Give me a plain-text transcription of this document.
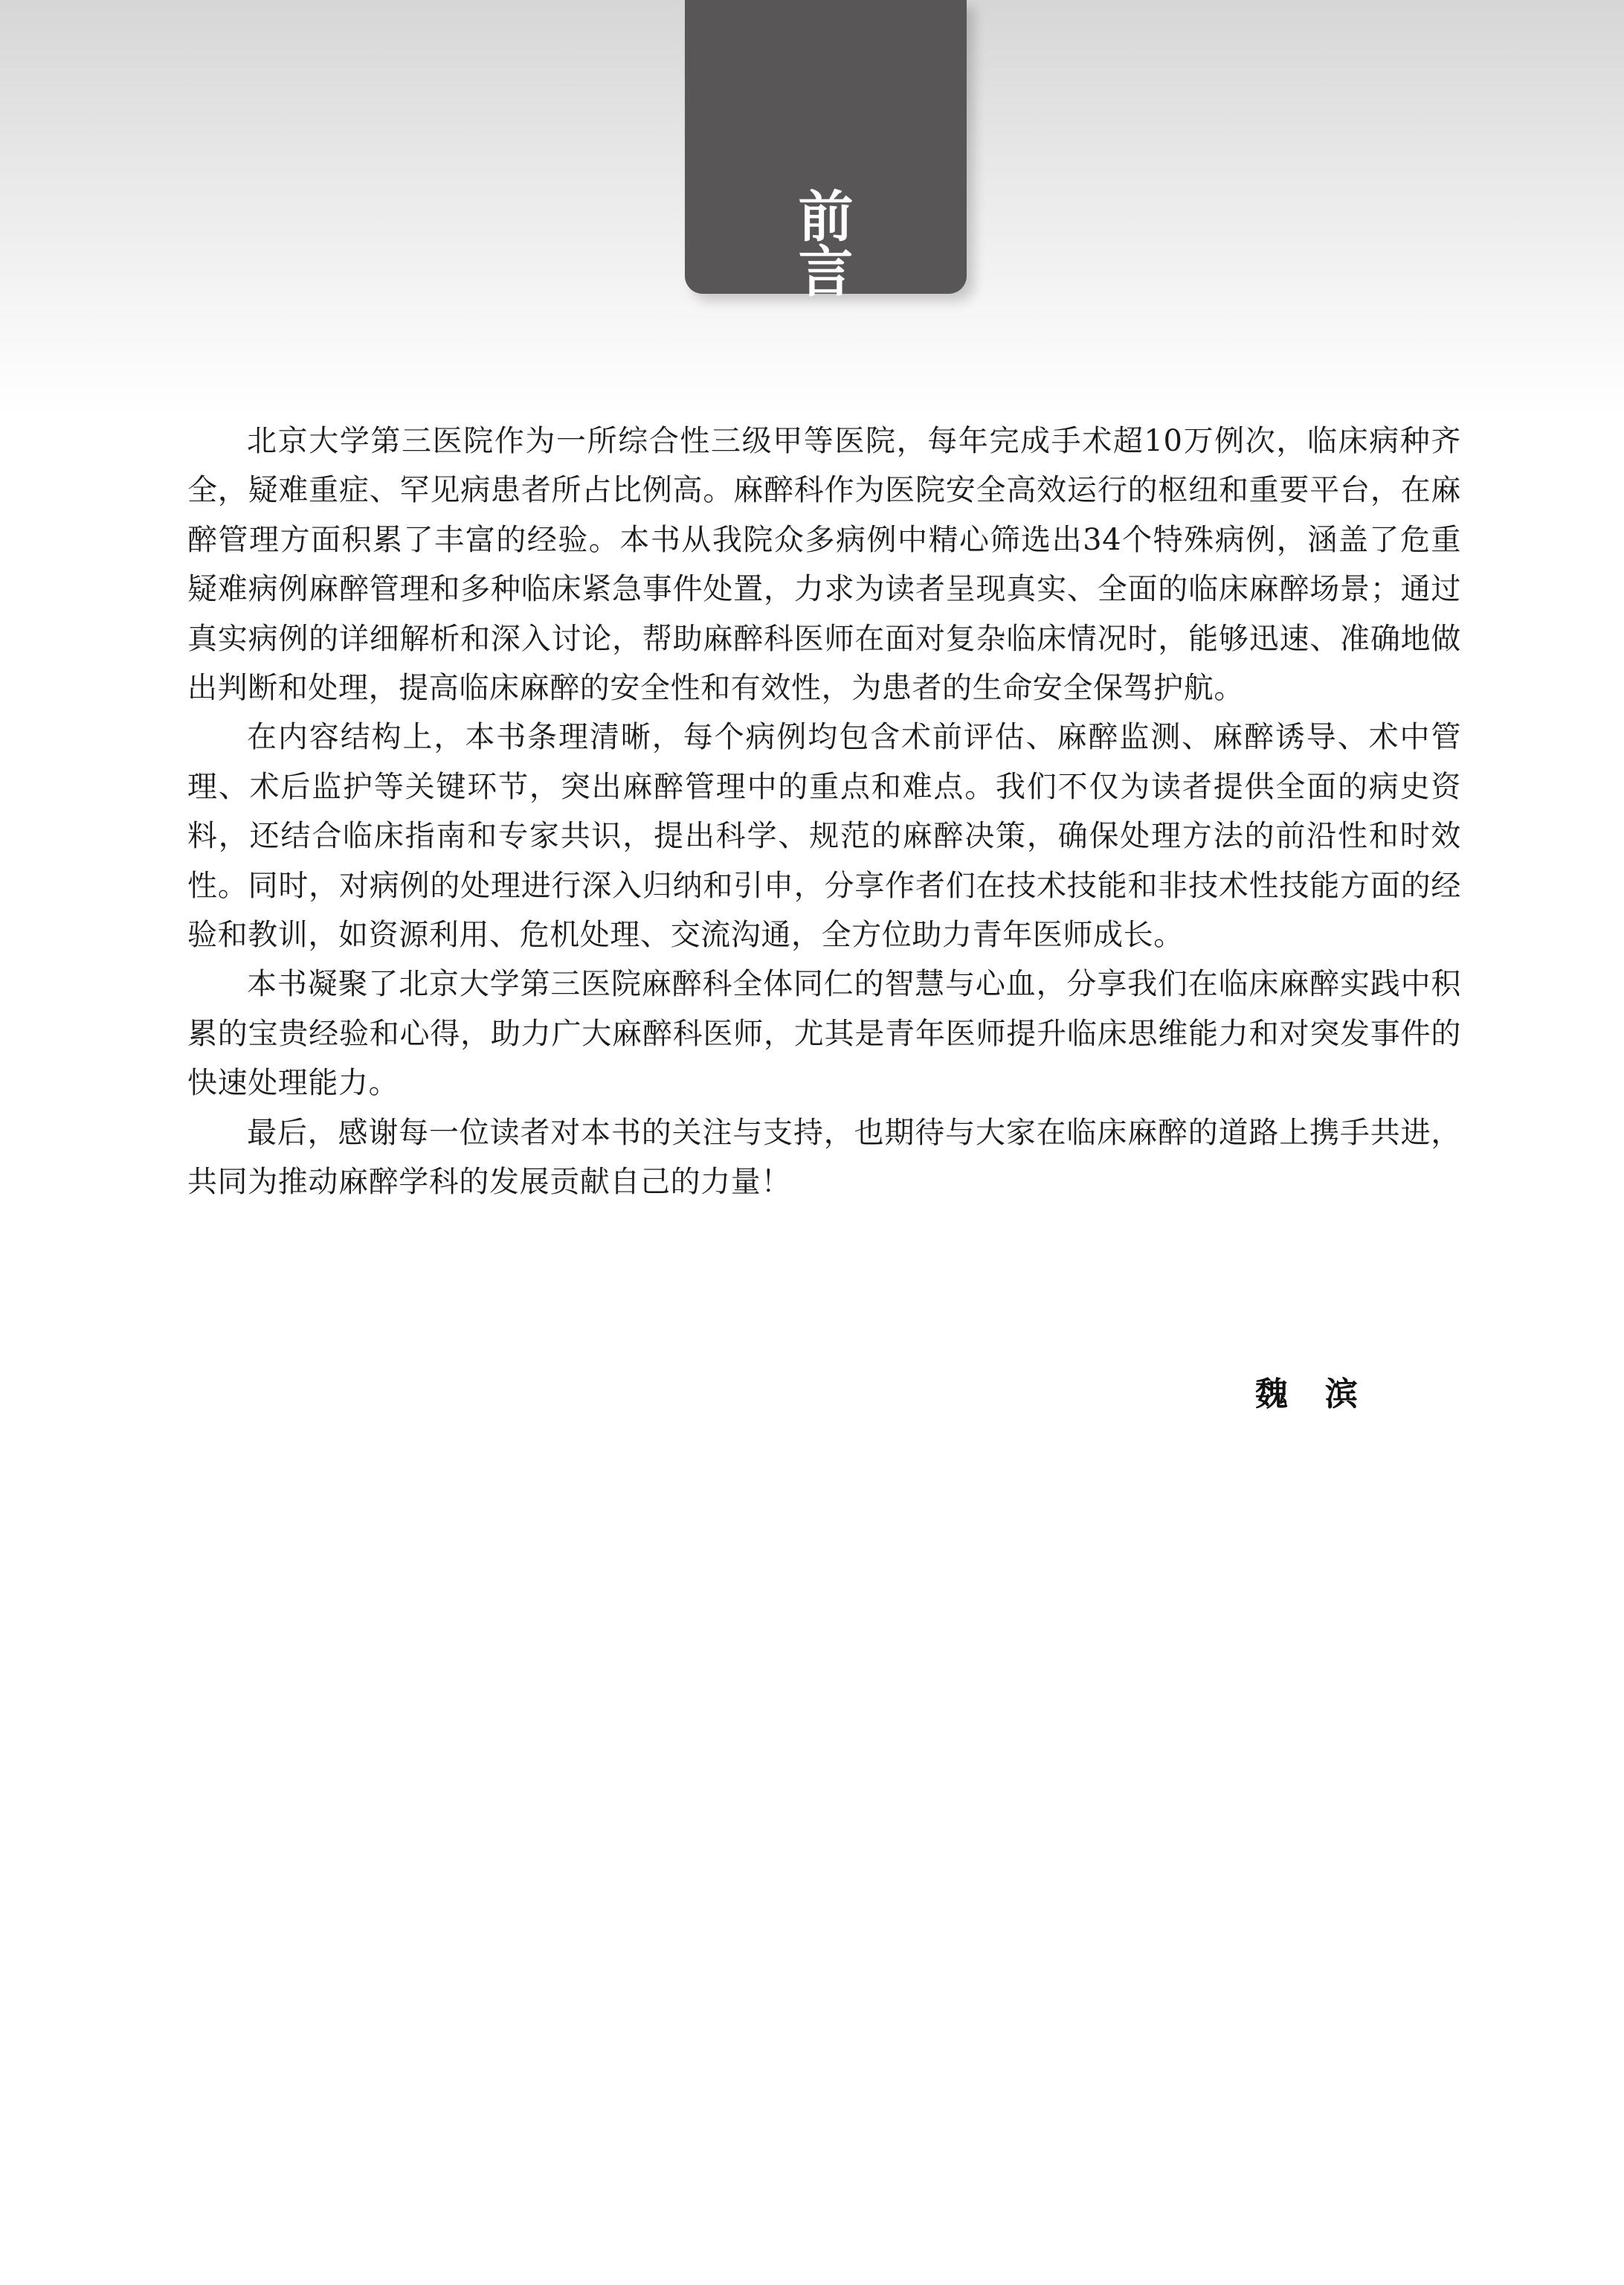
前言

北京大学第三医院作为一所综合性三级甲等医院，每年完成手术超10万例次，临床病种齐全，疑难重症、罕见病患者所占比例高。麻醉科作为医院安全高效运行的枢纽和重要平台，在麻醉管理方面积累了丰富的经验。本书从我院众多病例中精心筛选出34个特殊病例，涵盖了危重疑难病例麻醉管理和多种临床紧急事件处置，力求为读者呈现真实、全面的临床麻醉场景；通过真实病例的详细解析和深入讨论，帮助麻醉科医师在面对复杂临床情况时，能够迅速、准确地做出判断和处理，提高临床麻醉的安全性和有效性，为患者的生命安全保驾护航。

在内容结构上，本书条理清晰，每个病例均包含术前评估、麻醉监测、麻醉诱导、术中管理、术后监护等关键环节，突出麻醉管理中的重点和难点。我们不仅为读者提供全面的病史资料，还结合临床指南和专家共识，提出科学、规范的麻醉决策，确保处理方法的前沿性和时效性。同时，对病例的处理进行深入归纳和引申，分享作者们在技术技能和非技术性技能方面的经验和教训，如资源利用、危机处理、交流沟通，全方位助力青年医师成长。

本书凝聚了北京大学第三医院麻醉科全体同仁的智慧与心血，分享我们在临床麻醉实践中积累的宝贵经验和心得，助力广大麻醉科医师，尤其是青年医师提升临床思维能力和对突发事件的快速处理能力。

最后，感谢每一位读者对本书的关注与支持，也期待与大家在临床麻醉的道路上携手共进，共同为推动麻醉学科的发展贡献自己的力量！

魏滨
